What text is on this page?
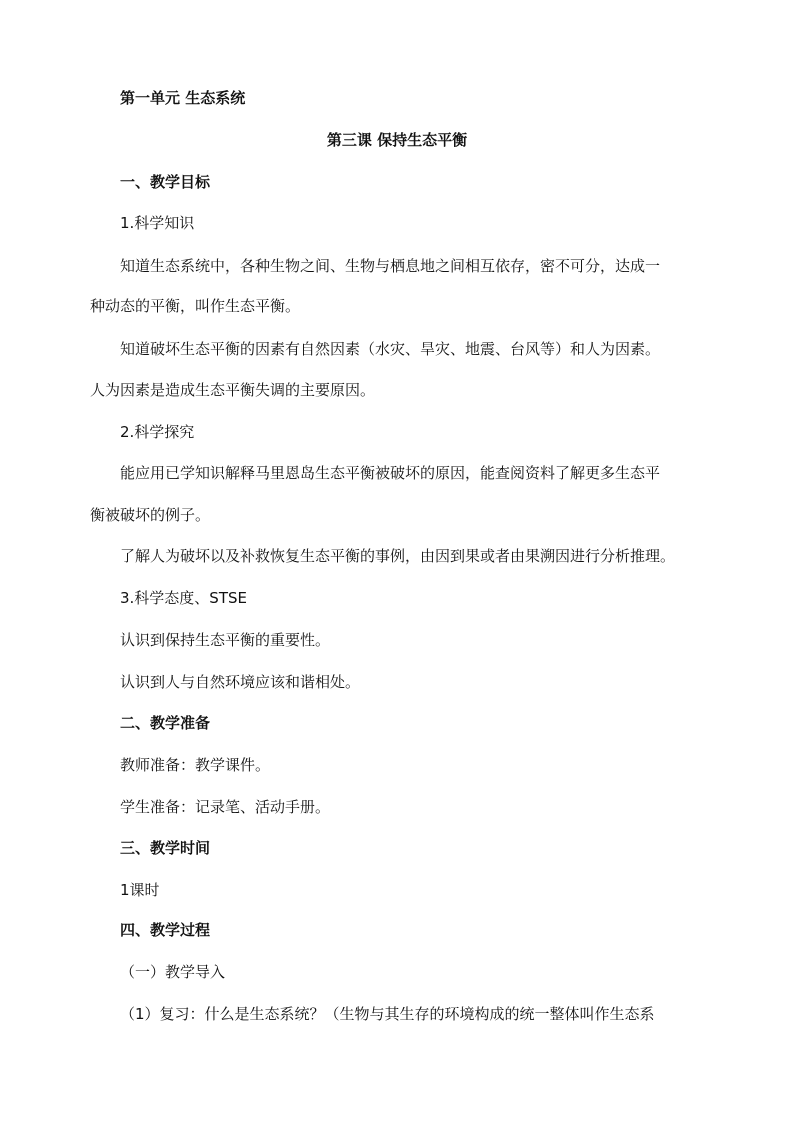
第一单元 生态系统
第三课 保持生态平衡
一、教学目标
1.科学知识
知道生态系统中，各种生物之间、生物与栖息地之间相互依存，密不可分，达成一
种动态的平衡，叫作生态平衡。
知道破坏生态平衡的因素有自然因素（水灾、旱灾、地震、台风等）和人为因素。
人为因素是造成生态平衡失调的主要原因。
2.科学探究
能应用已学知识解释马里恩岛生态平衡被破坏的原因，能查阅资料了解更多生态平
衡被破坏的例子。
了解人为破坏以及补救恢复生态平衡的事例，由因到果或者由果溯因进行分析推理。
3.科学态度、STSE
认识到保持生态平衡的重要性。
认识到人与自然环境应该和谐相处。
二、教学准备
教师准备：教学课件。
学生准备：记录笔、活动手册。
三、教学时间
1课时
四、教学过程
（一）教学导入
（1）复习：什么是生态系统？（生物与其生存的环境构成的统一整体叫作生态系
